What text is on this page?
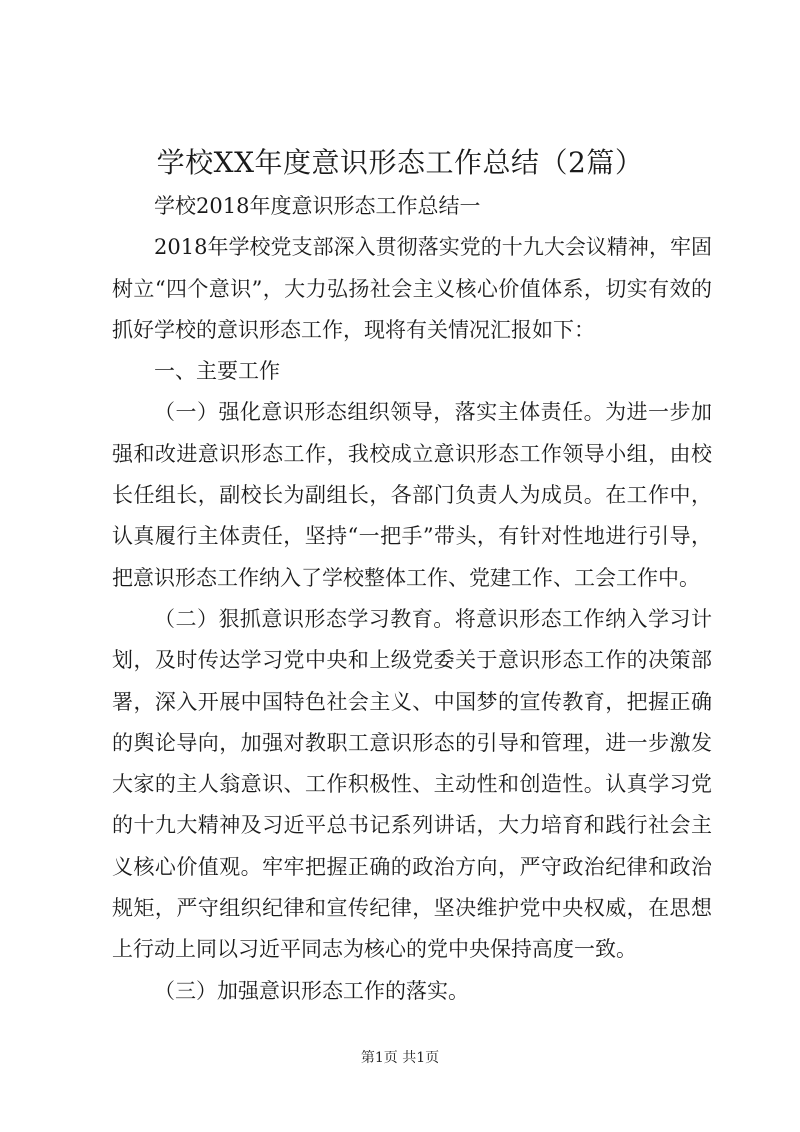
学校XX年度意识形态工作总结（2篇）

学校2018年度意识形态工作总结一

2018年学校党支部深入贯彻落实党的十九大会议精神，牢固树立“四个意识”，大力弘扬社会主义核心价值体系，切实有效的抓好学校的意识形态工作，现将有关情况汇报如下：

一、主要工作

（一）强化意识形态组织领导，落实主体责任。为进一步加强和改进意识形态工作，我校成立意识形态工作领导小组，由校长任组长，副校长为副组长，各部门负责人为成员。在工作中，认真履行主体责任，坚持“一把手”带头，有针对性地进行引导，把意识形态工作纳入了学校整体工作、党建工作、工会工作中。

（二）狠抓意识形态学习教育。将意识形态工作纳入学习计划，及时传达学习党中央和上级党委关于意识形态工作的决策部署，深入开展中国特色社会主义、中国梦的宣传教育，把握正确的舆论导向，加强对教职工意识形态的引导和管理，进一步激发大家的主人翁意识、工作积极性、主动性和创造性。认真学习党的十九大精神及习近平总书记系列讲话，大力培育和践行社会主义核心价值观。牢牢把握正确的政治方向，严守政治纪律和政治规矩，严守组织纪律和宣传纪律，坚决维护党中央权威，在思想上行动上同以习近平同志为核心的党中央保持高度一致。

（三）加强意识形态工作的落实。

第1页 共1页
